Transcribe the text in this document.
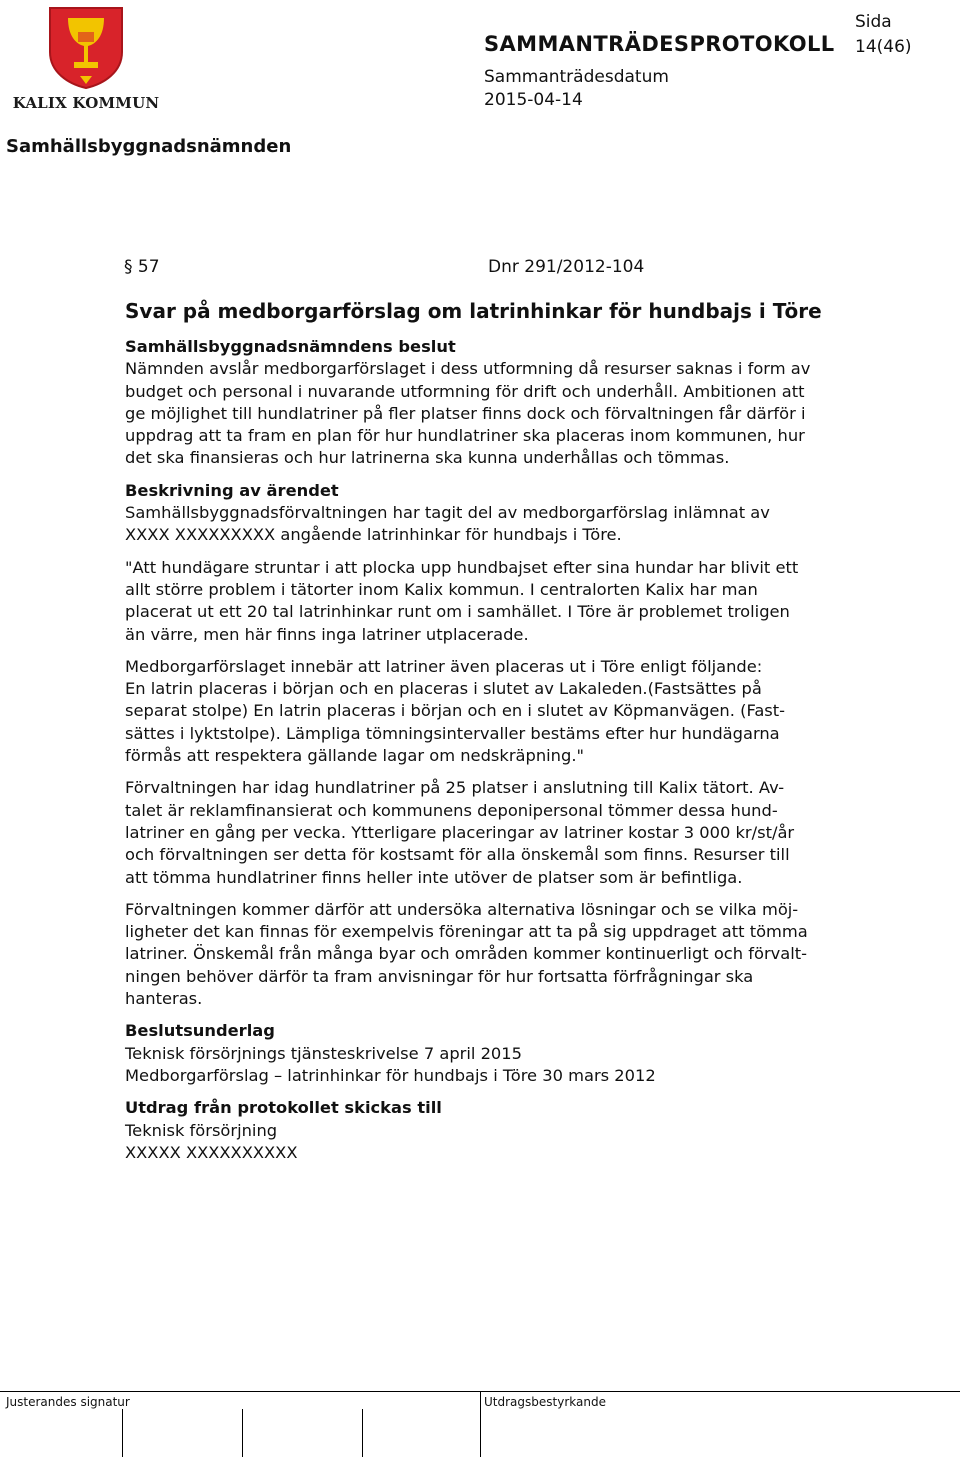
KALIX KOMMUN
SAMMANTRÄDESPROTOKOLL
Sida
14(46)
Sammanträdesdatum
2015-04-14
Samhällsbyggnadsnämnden
§ 57	Dnr 291/2012-104

Svar på medborgarförslag om latrinhinkar för hundbajs i Töre

Samhällsbyggnadsnämndens beslut

Nämnden avslår medborgarförslaget i dess utformning då resurser saknas i form av

budget och personal i nuvarande utformning för drift och underhåll. Ambitionen att

ge möjlighet till hundlatriner på fler platser finns dock och förvaltningen får därför i

uppdrag att ta fram en plan för hur hundlatriner ska placeras inom kommunen, hur

det ska finansieras och hur latrinerna ska kunna underhållas och tömmas.

Beskrivning av ärendet

Samhällsbyggnadsförvaltningen har tagit del av medborgarförslag inlämnat av

XXXX XXXXXXXXX angående latrinhinkar för hundbajs i Töre.

"Att hundägare struntar i att plocka upp hundbajset efter sina hundar har blivit ett

allt större problem i tätorter inom Kalix kommun. I centralorten Kalix har man

placerat ut ett 20 tal latrinhinkar runt om i samhället. I Töre är problemet troligen

än värre, men här finns inga latriner utplacerade.

Medborgarförslaget innebär att latriner även placeras ut i Töre enligt följande:

En latrin placeras i början och en placeras i slutet av Lakaleden.(Fastsättes på

separat stolpe) En latrin placeras i början och en i slutet av Köpmanvägen. (Fast-

sättes i lyktstolpe). Lämpliga tömningsintervaller bestäms efter hur hundägarna

förmås att respektera gällande lagar om nedskräpning."

Förvaltningen har idag hundlatriner på 25 platser i anslutning till Kalix tätort. Av-

talet är reklamfinansierat och kommunens deponipersonal tömmer dessa hund-

latriner en gång per vecka. Ytterligare placeringar av latriner kostar 3 000 kr/st/år

och förvaltningen ser detta för kostsamt för alla önskemål som finns. Resurser till

att tömma hundlatriner finns heller inte utöver de platser som är befintliga.

Förvaltningen kommer därför att undersöka alternativa lösningar och se vilka möj-

ligheter det kan finnas för exempelvis föreningar att ta på sig uppdraget att tömma

latriner. Önskemål från många byar och områden kommer kontinuerligt och förvalt-

ningen behöver därför ta fram anvisningar för hur fortsatta förfrågningar ska

hanteras.

Beslutsunderlag

Teknisk försörjnings tjänsteskrivelse 7 april 2015

Medborgarförslag – latrinhinkar för hundbajs i Töre 30 mars 2012

Utdrag från protokollet skickas till

Teknisk försörjning

XXXXX XXXXXXXXXX

Justerandes signatur	Utdragsbestyrkande
